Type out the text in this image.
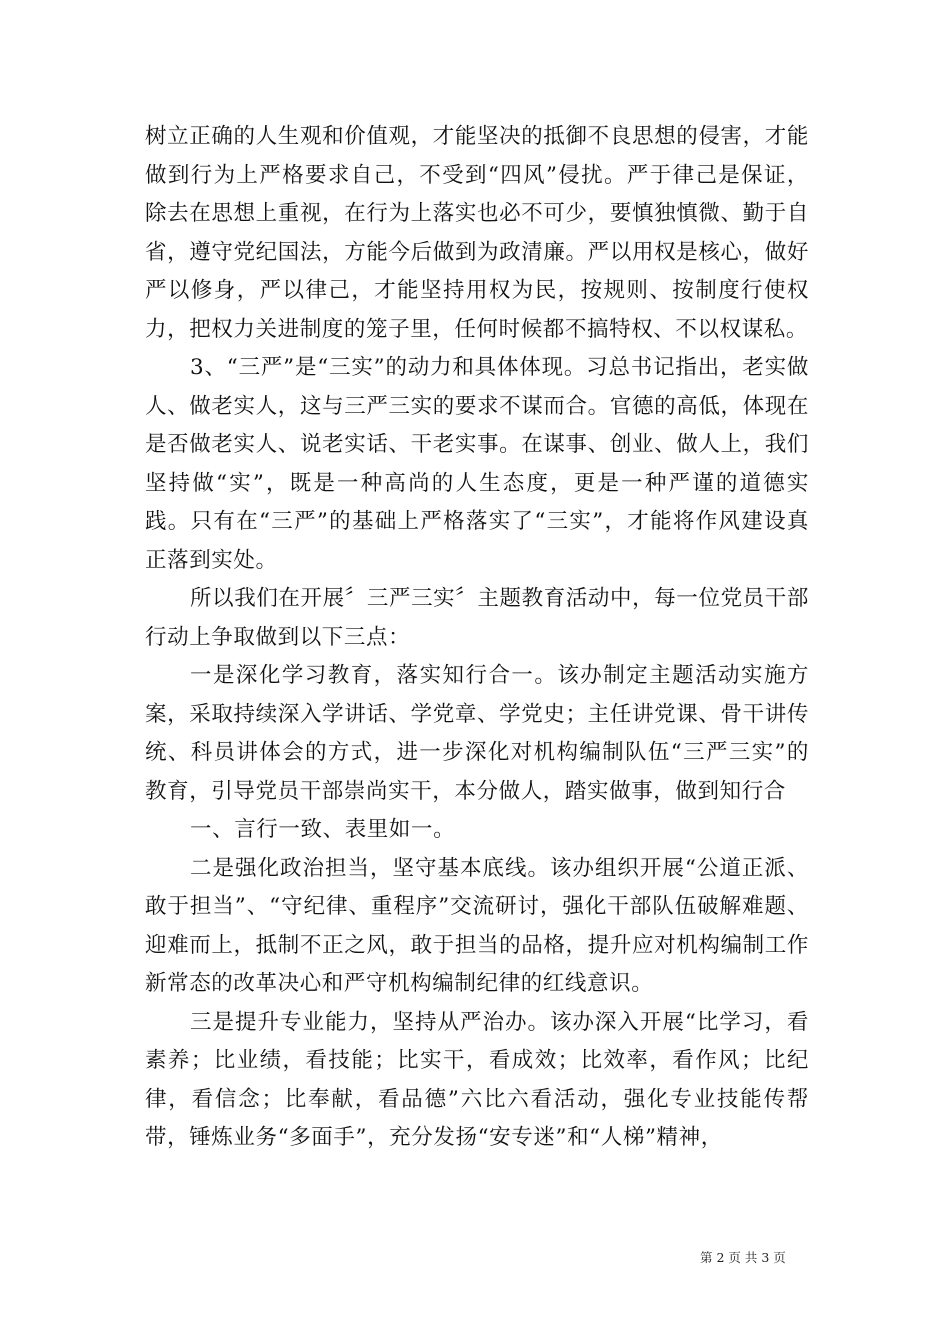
树立正确的人生观和价值观，才能坚决的抵御不良思想的侵害，才能做到行为上严格要求自己，不受到“四风”侵扰。严于律己是保证，除去在思想上重视，在行为上落实也必不可少，要慎独慎微、勤于自省，遵守党纪国法，方能今后做到为政清廉。严以用权是核心，做好严以修身，严以律己，才能坚持用权为民，按规则、按制度行使权力，把权力关进制度的笼子里，任何时候都不搞特权、不以权谋私。

3、“三严”是“三实”的动力和具体体现。习总书记指出，老实做人、做老实人，这与三严三实的要求不谋而合。官德的高低，体现在是否做老实人、说老实话、干老实事。在谋事、创业、做人上，我们坚持做“实”，既是一种高尚的人生态度，更是一种严谨的道德实践。只有在“三严”的基础上严格落实了“三实”，才能将作风建设真正落到实处。

所以我们在开展〞三严三实〞主题教育活动中，每一位党员干部行动上争取做到以下三点：

一是深化学习教育，落实知行合一。该办制定主题活动实施方案，采取持续深入学讲话、学党章、学党史；主任讲党课、骨干讲传统、科员讲体会的方式，进一步深化对机构编制队伍“三严三实”的教育，引导党员干部崇尚实干，本分做人，踏实做事，做到知行合

一、言行一致、表里如一。

二是强化政治担当，坚守基本底线。该办组织开展“公道正派、敢于担当”、“守纪律、重程序”交流研讨，强化干部队伍破解难题、迎难而上，抵制不正之风，敢于担当的品格，提升应对机构编制工作新常态的改革决心和严守机构编制纪律的红线意识。

三是提升专业能力，坚持从严治办。该办深入开展“比学习，看素养；比业绩，看技能；比实干，看成效；比效率，看作风；比纪律，看信念；比奉献，看品德”六比六看活动，强化专业技能传帮带，锤炼业务“多面手”，充分发扬“安专迷”和“人梯”精神，

第 2 页 共 3 页
